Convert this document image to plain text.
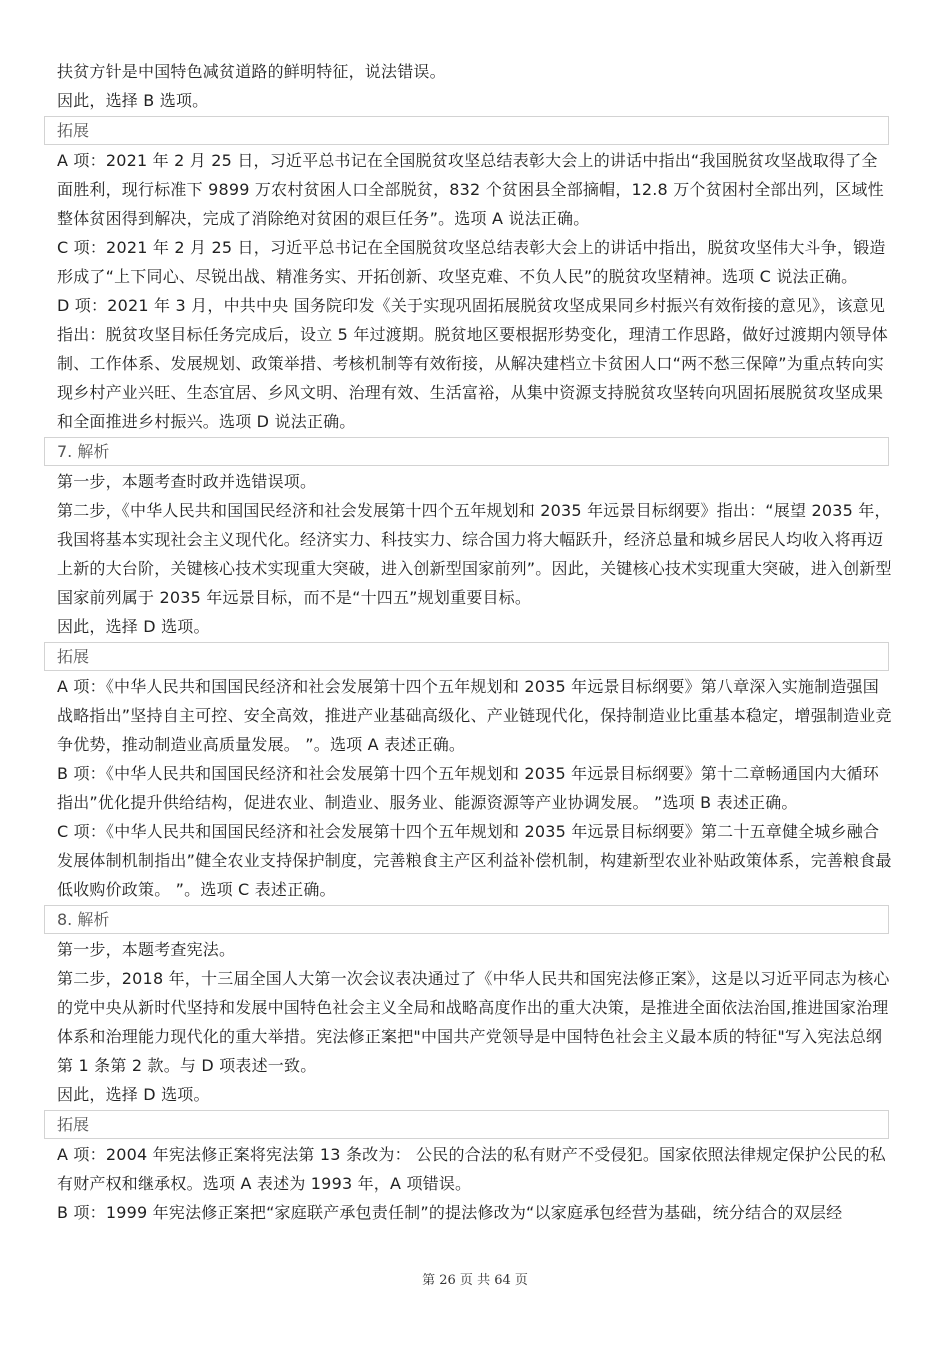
扶贫方针是中国特色减贫道路的鲜明特征，说法错误。

因此，选择 B 选项。

拓展

A 项：2021 年 2 月 25 日，习近平总书记在全国脱贫攻坚总结表彰大会上的讲话中指出“我国脱贫攻坚战取得了全面胜利，现行标准下 9899 万农村贫困人口全部脱贫，832 个贫困县全部摘帽，12.8 万个贫困村全部出列，区域性整体贫困得到解决，完成了消除绝对贫困的艰巨任务”。选项 A 说法正确。

C 项：2021 年 2 月 25 日，习近平总书记在全国脱贫攻坚总结表彰大会上的讲话中指出，脱贫攻坚伟大斗争，锻造形成了“上下同心、尽锐出战、精准务实、开拓创新、攻坚克难、不负人民”的脱贫攻坚精神。选项 C 说法正确。

D 项：2021 年 3 月，中共中央 国务院印发《关于实现巩固拓展脱贫攻坚成果同乡村振兴有效衔接的意见》，该意见指出：脱贫攻坚目标任务完成后，设立 5 年过渡期。脱贫地区要根据形势变化，理清工作思路，做好过渡期内领导体制、工作体系、发展规划、政策举措、考核机制等有效衔接，从解决建档立卡贫困人口“两不愁三保障”为重点转向实现乡村产业兴旺、生态宜居、乡风文明、治理有效、生活富裕，从集中资源支持脱贫攻坚转向巩固拓展脱贫攻坚成果和全面推进乡村振兴。选项 D 说法正确。

7. 解析

第一步，本题考查时政并选错误项。

第二步，《中华人民共和国国民经济和社会发展第十四个五年规划和 2035 年远景目标纲要》指出：“展望 2035 年，我国将基本实现社会主义现代化。经济实力、科技实力、综合国力将大幅跃升，经济总量和城乡居民人均收入将再迈上新的大台阶，关键核心技术实现重大突破，进入创新型国家前列”。因此，关键核心技术实现重大突破，进入创新型国家前列属于 2035 年远景目标，而不是“十四五”规划重要目标。

因此，选择 D 选项。

拓展

A 项：《中华人民共和国国民经济和社会发展第十四个五年规划和 2035 年远景目标纲要》第八章深入实施制造强国战略指出”坚持自主可控、安全高效，推进产业基础高级化、产业链现代化，保持制造业比重基本稳定，增强制造业竞争优势，推动制造业高质量发展。 ”。选项 A 表述正确。

B 项：《中华人民共和国国民经济和社会发展第十四个五年规划和 2035 年远景目标纲要》第十二章畅通国内大循环指出”优化提升供给结构，促进农业、制造业、服务业、能源资源等产业协调发展。 ”选项 B 表述正确。

C 项：《中华人民共和国国民经济和社会发展第十四个五年规划和 2035 年远景目标纲要》第二十五章健全城乡融合发展体制机制指出”健全农业支持保护制度，完善粮食主产区利益补偿机制，构建新型农业补贴政策体系，完善粮食最低收购价政策。 ”。选项 C 表述正确。

8. 解析

第一步，本题考查宪法。

第二步，2018 年，十三届全国人大第一次会议表决通过了《中华人民共和国宪法修正案》，这是以习近平同志为核心的党中央从新时代坚持和发展中国特色社会主义全局和战略高度作出的重大决策，是推进全面依法治国,推进国家治理体系和治理能力现代化的重大举措。宪法修正案把"中国共产党领导是中国特色社会主义最本质的特征"写入宪法总纲第 1 条第 2 款。与 D 项表述一致。

因此，选择 D 选项。

拓展

A 项：2004 年宪法修正案将宪法第 13 条改为： 公民的合法的私有财产不受侵犯。国家依照法律规定保护公民的私有财产权和继承权。选项 A 表述为 1993 年，A 项错误。

B 项：1999 年宪法修正案把“家庭联产承包责任制”的提法修改为“以家庭承包经营为基础，统分结合的双层经

第 26 页 共 64 页
